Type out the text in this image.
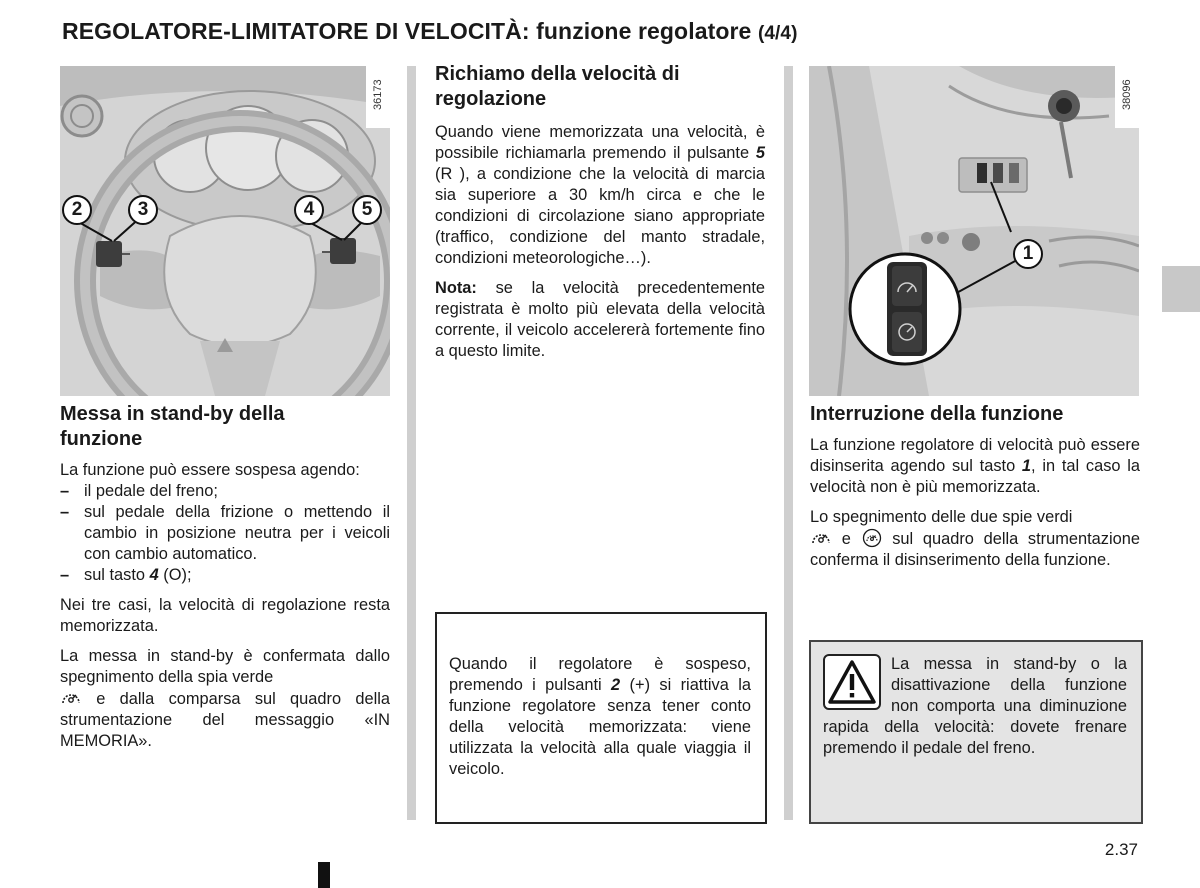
REGOLATORE-LIMITATORE DI VELOCITÀ: funzione regolatore (4/4)
36173
2	3	4	5
38096
1
Messa in stand-by della funzione

La funzione può essere sospesa agendo:

– il pedale del freno;
– sul pedale della frizione o mettendo il cambio in posizione neutra per i veicoli con cambio automatico.
– sul tasto 4 (O);

Nei tre casi, la velocità di regolazione resta memorizzata.

La messa in stand-by è confermata dallo spegnimento della spia verde
e dalla comparsa sul quadro della strumentazione del messaggio «IN MEMORIA».

Richiamo della velocità di regolazione

Quando viene memorizzata una velocità, è possibile richiamarla premendo il pulsante 5 (R ), a condizione che la velocità di marcia sia superiore a 30 km/h circa e che le condizioni di circolazione siano appropriate (traffico, condizione del manto stradale, condizioni meteorologiche…).

Nota: se la velocità precedentemente registrata è molto più elevata della velocità corrente, il veicolo accelererà fortemente fino a questo limite.

Quando il regolatore è sospeso, premendo i pulsanti 2 (+) si riattiva la funzione regolatore senza tener conto della velocità memorizzata: viene utilizzata la velocità alla quale viaggia il veicolo.
Interruzione della funzione

La funzione regolatore di velocità può essere disinserita agendo sul tasto 1, in tal caso la velocità non è più memorizzata.

Lo spegnimento delle due spie verdi
e  sul quadro della strumentazione conferma il disinserimento della funzione.

La messa in stand-by o la disattivazione della funzione non comporta una diminuzione rapida della velocità: dovete frenare premendo il pedale del freno.
2.37
